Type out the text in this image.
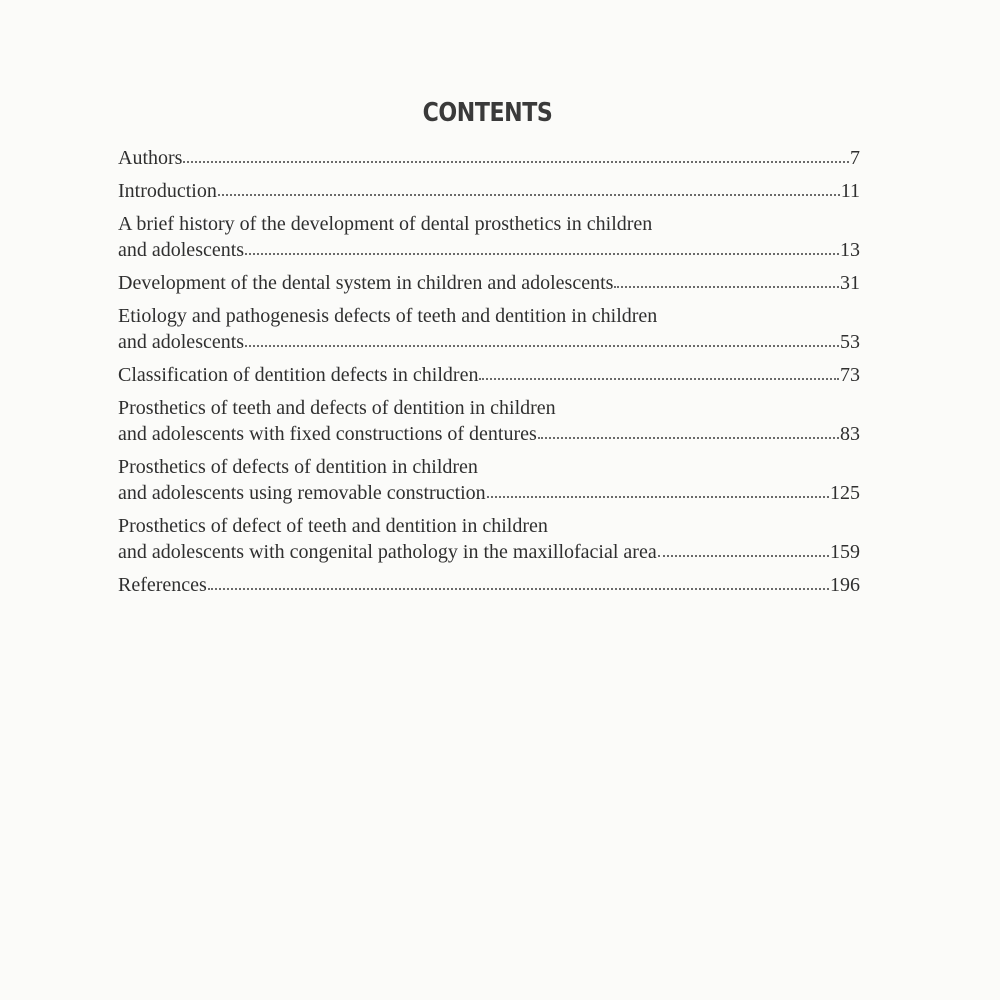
CONTENTS
Authors	7
Introduction	11
A brief history of the development of dental prosthetics in children
and adolescents	13
Development of the dental system in children and adolescents	31
Etiology and pathogenesis defects of teeth and dentition in children
and adolescents	53
Classification of dentition defects in children	73
Prosthetics of teeth and defects of dentition in children
and adolescents with fixed constructions of dentures	83
Prosthetics of defects of dentition in children
and adolescents using removable construction	125
Prosthetics of defect of teeth and dentition in children
and adolescents with congenital pathology in the maxillofacial area	159
References	196
